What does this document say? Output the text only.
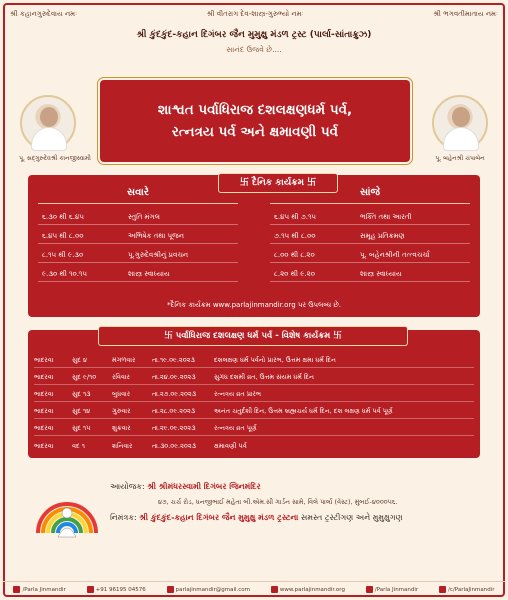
શ્રી કહાનગુરુદેવાય નમઃ	શ્રી વીતરાગ દેવ-શાસ્ત્ર-ગુરુભ્યો નમઃ	શ્રી ભગવતીમાતાય નમઃ
શ્રી કુંદકુંદ-કહાન દિગંબર જૈન મુમુક્ષુ મંડળ ટ્રસ્ટ (પાર્લા-સાંતાક્રુઝ)
સાનંદ ઉજવે છે....
પૂ. સદ્ગુરુદેવશ્રી કાનજીસ્વામી
શાશ્વત પર્વાધિરાજ દશલક્ષણધર્મ પર્વ,
રત્નત્રય પર્વ અને ક્ષમાવણી પર્વ
પૂ. બહેનશ્રી ચંપાબેન
卐 દૈનિક કાર્યક્રમ 卐
સવારે	સાંજે
૬.૩૦ થી ૬.૪૫	સ્તુતિ મંગલ
૬.૪૫ થી ૮.૦૦	અભિષેક તથા પૂજન
૮.૧૫ થી ૯.૩૦	પૂ.ગુરુદેવશ્રીનું પ્રવચન
૯.૩૦ થી ૧૦.૧૫	શાસ્ત્ર સ્વાધ્યાય
૬.૪૫ થી ૭.૧૫	ભક્તિ તથા આરતી
૭.૧૫ થી ૮.૦૦	સમૂહ પ્રતિક્રમણ
૮.૦૦ થી ૮.૨૦	પૂ. બહેનશ્રીની તત્ત્વચર્ચા
૮.૨૦ થી ૯.૨૦	શાસ્ત્ર સ્વાધ્યાય
*દૈનિક કાર્યક્રમ www.parlajinmandir.org પર ઉપલબ્ધ છે.
卐 પર્વાધિરાજ દશલક્ષણ ધર્મ પર્વ - વિશેષ કાર્યક્રમ 卐
ભાદરવા	સુદ ૪	મંગળવાર	તા.૧૯.૦૯.૨૦૨૩	દશલક્ષણ ધર્મ પર્વનો પ્રારંભ, ઉત્તમ ક્ષમા ધર્મ દિન
ભાદરવા	સુદ ૯/૧૦	રવિવાર	તા.૨૪.૦૯.૨૦૨૩	સુગંધ દશમી વ્રત, ઉત્તમ સંયમ ધર્મ દિન
ભાદરવા	સુદ ૧૩	બુધવાર	તા.૨૭.૦૯.૨૦૨૩	રત્નત્રય વ્રત પ્રારંભ
ભાદરવા	સુદ ૧૪	ગુરુવાર	તા.૨૮.૦૯.૨૦૨૩	અનંત ચતુર્દશી દિન, ઉત્તમ બ્રહ્મચર્ય ધર્મ દિન, દશ લક્ષણ ધર્મ પર્વ પૂર્ણ
ભાદરવા	સુદ ૧૫	શુક્રવાર	તા.૨૯.૦૯.૨૦૨૩	રત્નત્રય વ્રત પૂર્ણ
ભાદરવા	વદ ૧	શનિવાર	તા.૩૦.૦૯.૨૦૨૩	ક્ષમાવણી પર્વ
આયોજક: શ્રી શ્રીમંધરસ્વામી દિગંબર જિનમંદિર
૪૭, ચર્ચ રોડ, ધનજીભાઈ મહેતા બી.એમ.સી ગાર્ડન સામે, વિલે પાર્લા (વેસ્ટ), મુંબઈ-૪૦૦૦૫૬.
નિમંત્રક: શ્રી કુંદકુંદ-કહાન દિગંબર જૈન મુમુક્ષુ મંડળ ટ્રસ્ટના સમસ્ત ટ્રસ્ટીગણ અને મુમુક્ષુગણ
/Parla Jinmandir	+91 96195 04576	parlajinmandir@gmail.com	www.parlajinmandir.org	/Parla Jinmandir	/c/ParlaJinmandir
